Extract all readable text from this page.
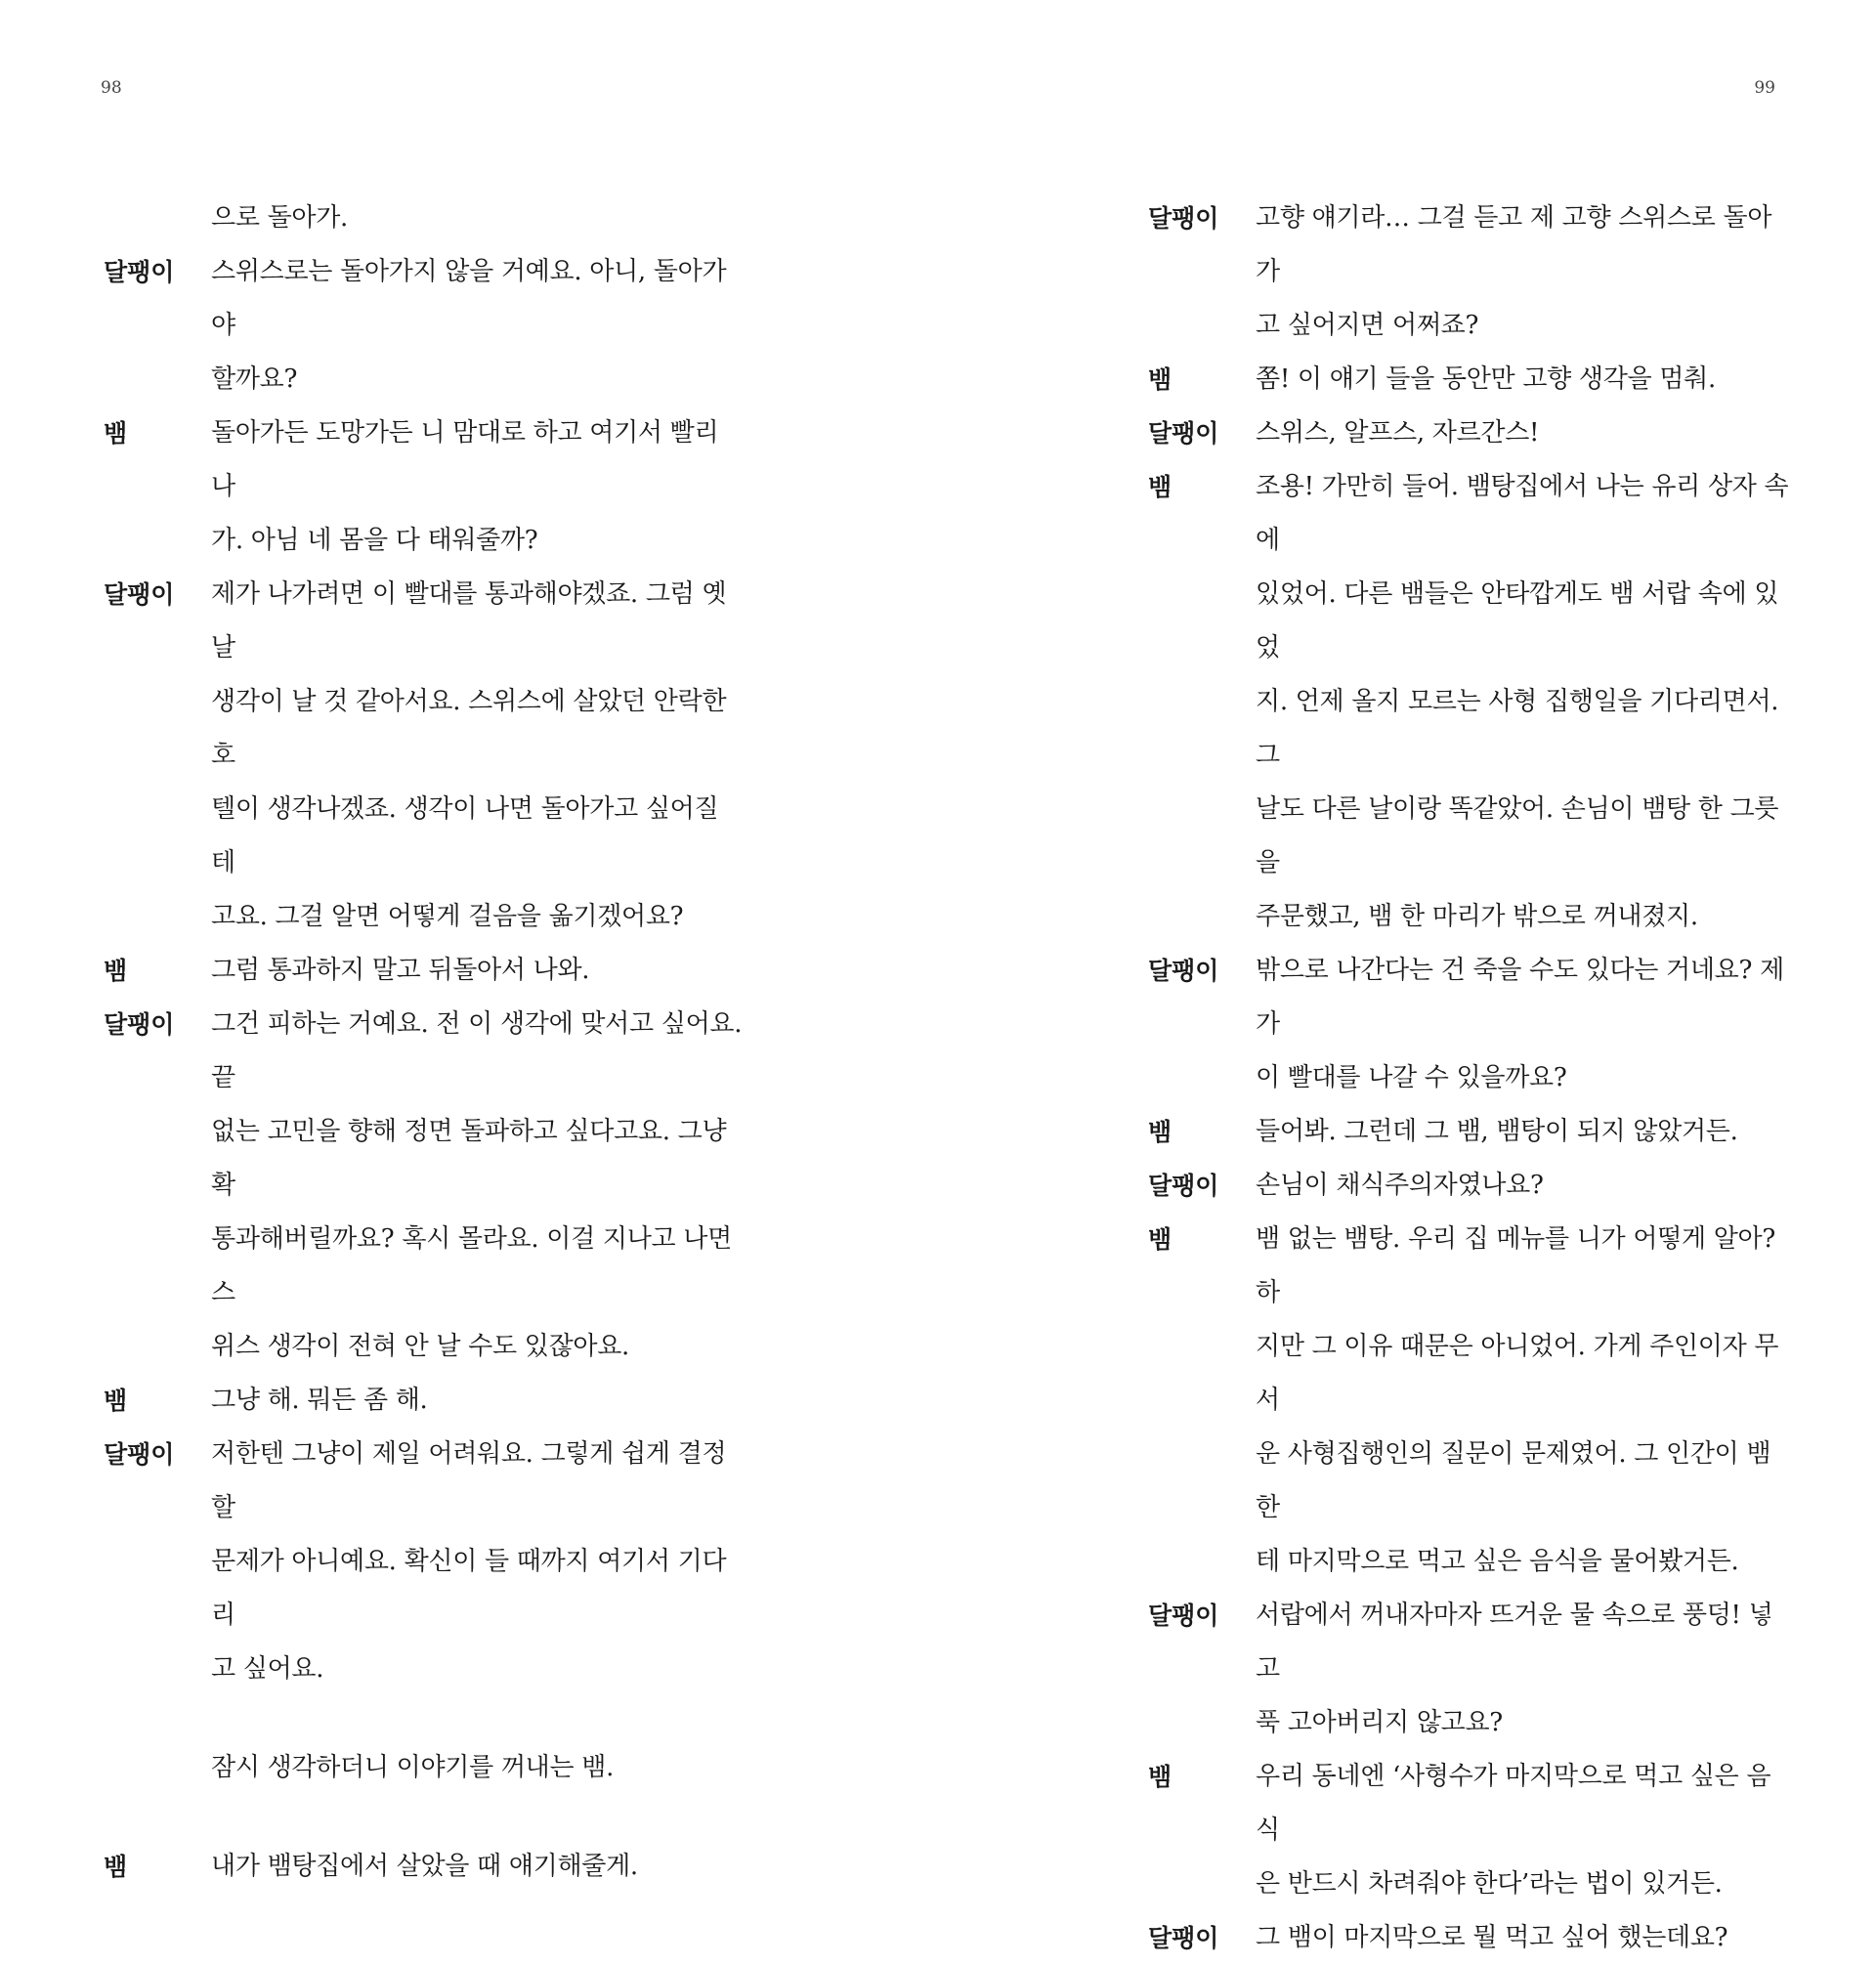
98
으로 돌아가.
달팽이	스위스로는 돌아가지 않을 거예요. 아니, 돌아가야
할까요?
뱀	돌아가든 도망가든 니 맘대로 하고 여기서 빨리 나
가. 아님 네 몸을 다 태워줄까?
달팽이	제가 나가려면 이 빨대를 통과해야겠죠. 그럼 옛날
생각이 날 것 같아서요. 스위스에 살았던 안락한 호
텔이 생각나겠죠. 생각이 나면 돌아가고 싶어질 테
고요. 그걸 알면 어떻게 걸음을 옮기겠어요?
뱀	그럼 통과하지 말고 뒤돌아서 나와.
달팽이	그건 피하는 거예요. 전 이 생각에 맞서고 싶어요. 끝
없는 고민을 향해 정면 돌파하고 싶다고요. 그냥 확
통과해버릴까요? 혹시 몰라요. 이걸 지나고 나면 스
위스 생각이 전혀 안 날 수도 있잖아요.
뱀	그냥 해. 뭐든 좀 해.
달팽이	저한텐 그냥이 제일 어려워요. 그렇게 쉽게 결정할
문제가 아니예요. 확신이 들 때까지 여기서 기다리
고 싶어요.
잠시 생각하더니 이야기를 꺼내는 뱀.
뱀	내가 뱀탕집에서 살았을 때 얘기해줄게.
99
달팽이	고향 얘기라… 그걸 듣고 제 고향 스위스로 돌아가
고 싶어지면 어쩌죠?
뱀	쫌! 이 얘기 들을 동안만 고향 생각을 멈춰.
달팽이	스위스, 알프스, 자르간스!
뱀	조용! 가만히 들어. 뱀탕집에서 나는 유리 상자 속에
있었어. 다른 뱀들은 안타깝게도 뱀 서랍 속에 있었
지. 언제 올지 모르는 사형 집행일을 기다리면서. 그
날도 다른 날이랑 똑같았어. 손님이 뱀탕 한 그릇을
주문했고, 뱀 한 마리가 밖으로 꺼내졌지.
달팽이	밖으로 나간다는 건 죽을 수도 있다는 거네요? 제가
이 빨대를 나갈 수 있을까요?
뱀	들어봐. 그런데 그 뱀, 뱀탕이 되지 않았거든.
달팽이	손님이 채식주의자였나요?
뱀	뱀 없는 뱀탕. 우리 집 메뉴를 니가 어떻게 알아? 하
지만 그 이유 때문은 아니었어. 가게 주인이자 무서
운 사형집행인의 질문이 문제였어. 그 인간이 뱀한
테 마지막으로 먹고 싶은 음식을 물어봤거든.
달팽이	서랍에서 꺼내자마자 뜨거운 물 속으로 풍덩! 넣고
푹 고아버리지 않고요?
뱀	우리 동네엔 ‘사형수가 마지막으로 먹고 싶은 음식
은 반드시 차려줘야 한다’라는 법이 있거든.
달팽이	그 뱀이 마지막으로 뭘 먹고 싶어 했는데요?
